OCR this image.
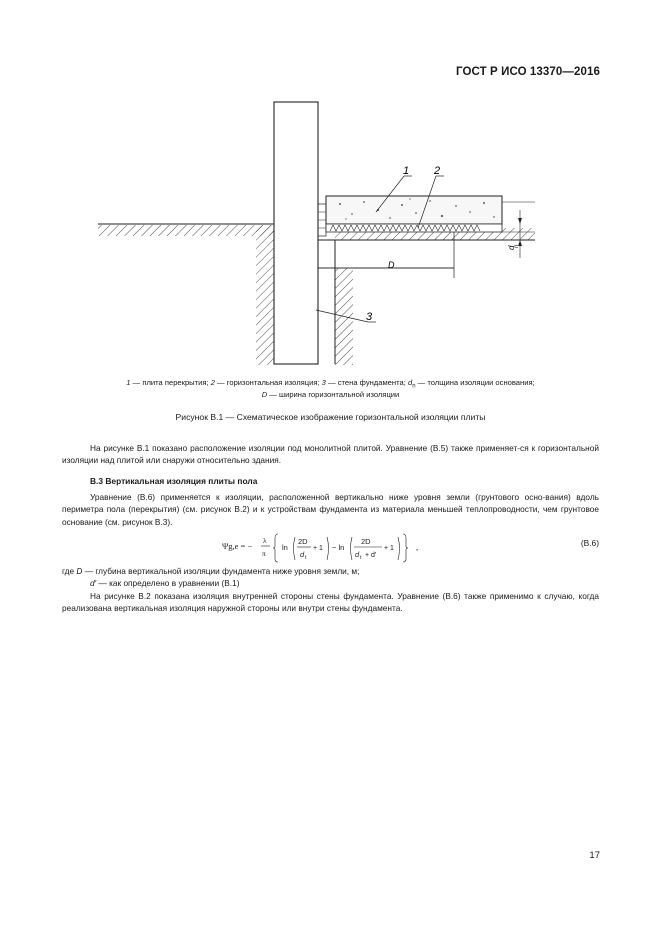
ГОСТ Р ИСО 13370—2016
D
d
n
1 2
3
1 — плита перекрытия; 2 — горизонтальная изоляция; 3 — стена фундамента; $d_n$ — толщина изоляции основания;
D — ширина горизонтальной изоляции
Рисунок B.1 — Схематическое изображение горизонтальной изоляции плиты
На рисунке B.1 показано расположение изоляции под монолитной плитой. Уравнение (B.5) также применяет-ся к горизонтальной изоляции над плитой или снаружи относительно здания.
B.3 Вертикальная изоляция плиты пола
Уравнение (B.6) применяется к изоляции, расположенной вертикально ниже уровня земли (грунтового осно-вания) вдоль периметра пола (перекрытия) (см. рисунок B.2) и к устройствам фундамента из материала меньшей теплопроводности, чем грунтовое основание (см. рисунок B.3).
Ψg,e = −
λ
π
ln
2D
d t
+ 1 − ln
2D
d t + d′
+ 1	,	(B.6)
где D — глубина вертикальной изоляции фундамента ниже уровня земли, м;
d′ — как определено в уравнении (B.1)
На рисунке B.2 показана изоляция внутренней стороны стены фундамента. Уравнение (B.6) также применимо к случаю, когда реализована вертикальная изоляция наружной стороны или внутри стены фундамента.
17
